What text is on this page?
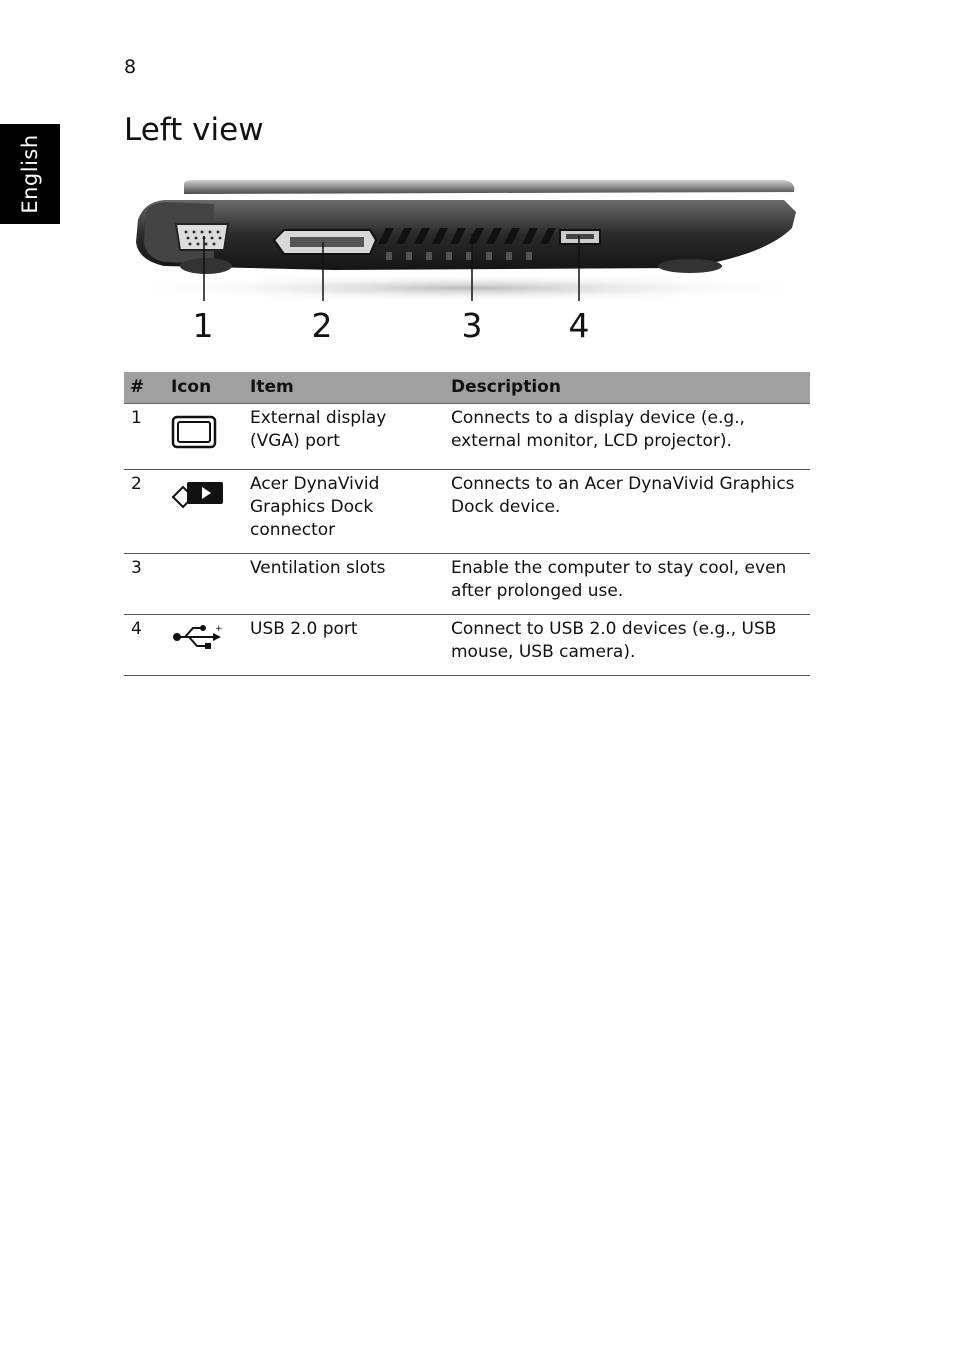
8
English
Left view
1	2	3	4
#	Icon	Item	Description
1		External display (VGA) port	Connects to a display device (e.g., external monitor, LCD projector).
2		Acer DynaVivid Graphics Dock connector	Connects to an Acer DynaVivid Graphics Dock device.
3		Ventilation slots	Enable the computer to stay cool, even after prolonged use.
4	+	USB 2.0 port	Connect to USB 2.0 devices (e.g., USB mouse, USB camera).
